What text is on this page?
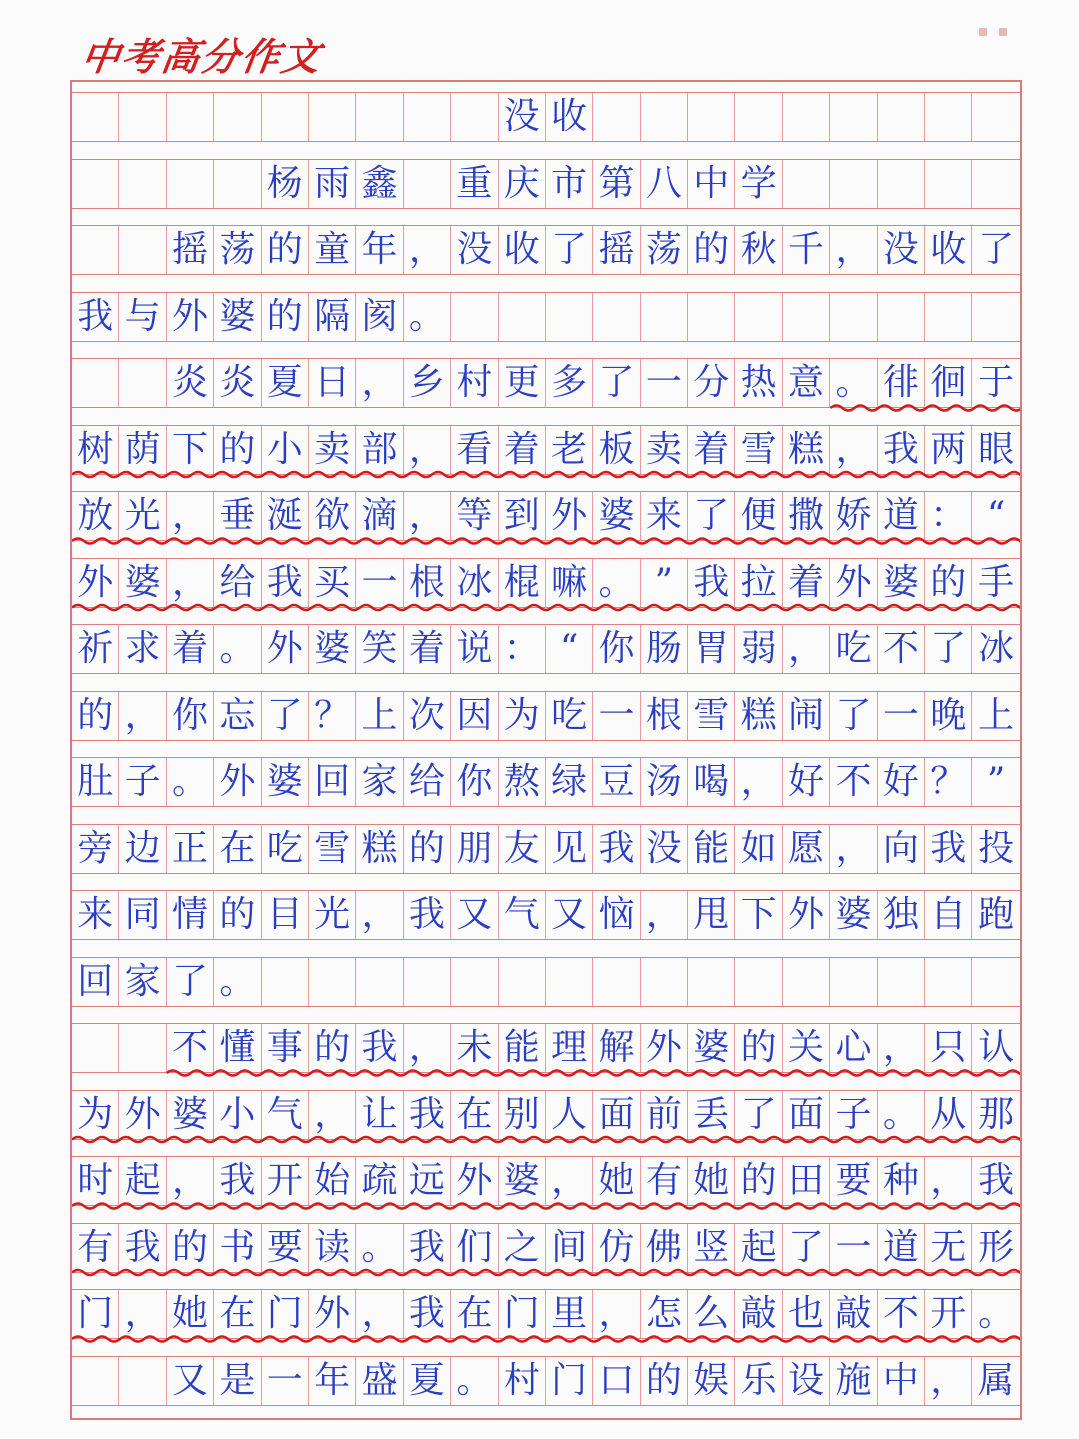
中考高分作文
没 收
杨 雨 鑫 重 庆 市 第 八 中 学
摇 荡 的 童 年 ， 没 收 了 摇 荡 的 秋 千 ， 没 收 了
我 与 外 婆 的 隔 阂 。
炎 炎 夏 日 ， 乡 村 更 多 了 一 分 热 意 。 徘 徊 于
树 荫 下 的 小 卖 部 ， 看 着 老 板 卖 着 雪 糕 ， 我 两 眼
放 光 ， 垂 涎 欲 滴 ， 等 到 外 婆 来 了 便 撒 娇 道 ： “
外 婆 ， 给 我 买 一 根 冰 棍 嘛 。 ” 我 拉 着 外 婆 的 手
祈 求 着 。 外 婆 笑 着 说 ： “ 你 肠 胃 弱 ， 吃 不 了 冰
的 ， 你 忘 了 ？ 上 次 因 为 吃 一 根 雪 糕 闹 了 一 晚 上
肚 子 。 外 婆 回 家 给 你 熬 绿 豆 汤 喝 ， 好 不 好 ？ ”
旁 边 正 在 吃 雪 糕 的 朋 友 见 我 没 能 如 愿 ， 向 我 投
来 同 情 的 目 光 ， 我 又 气 又 恼 ， 甩 下 外 婆 独 自 跑
回 家 了 。
不 懂 事 的 我 ， 未 能 理 解 外 婆 的 关 心 ， 只 认
为 外 婆 小 气 ， 让 我 在 别 人 面 前 丢 了 面 子 。 从 那
时 起 ， 我 开 始 疏 远 外 婆 ， 她 有 她 的 田 要 种 ， 我
有 我 的 书 要 读 。 我 们 之 间 仿 佛 竖 起 了 一 道 无 形
门 ， 她 在 门 外 ， 我 在 门 里 ， 怎 么 敲 也 敲 不 开 。
又 是 一 年 盛 夏 。 村 门 口 的 娱 乐 设 施 中 ， 属
